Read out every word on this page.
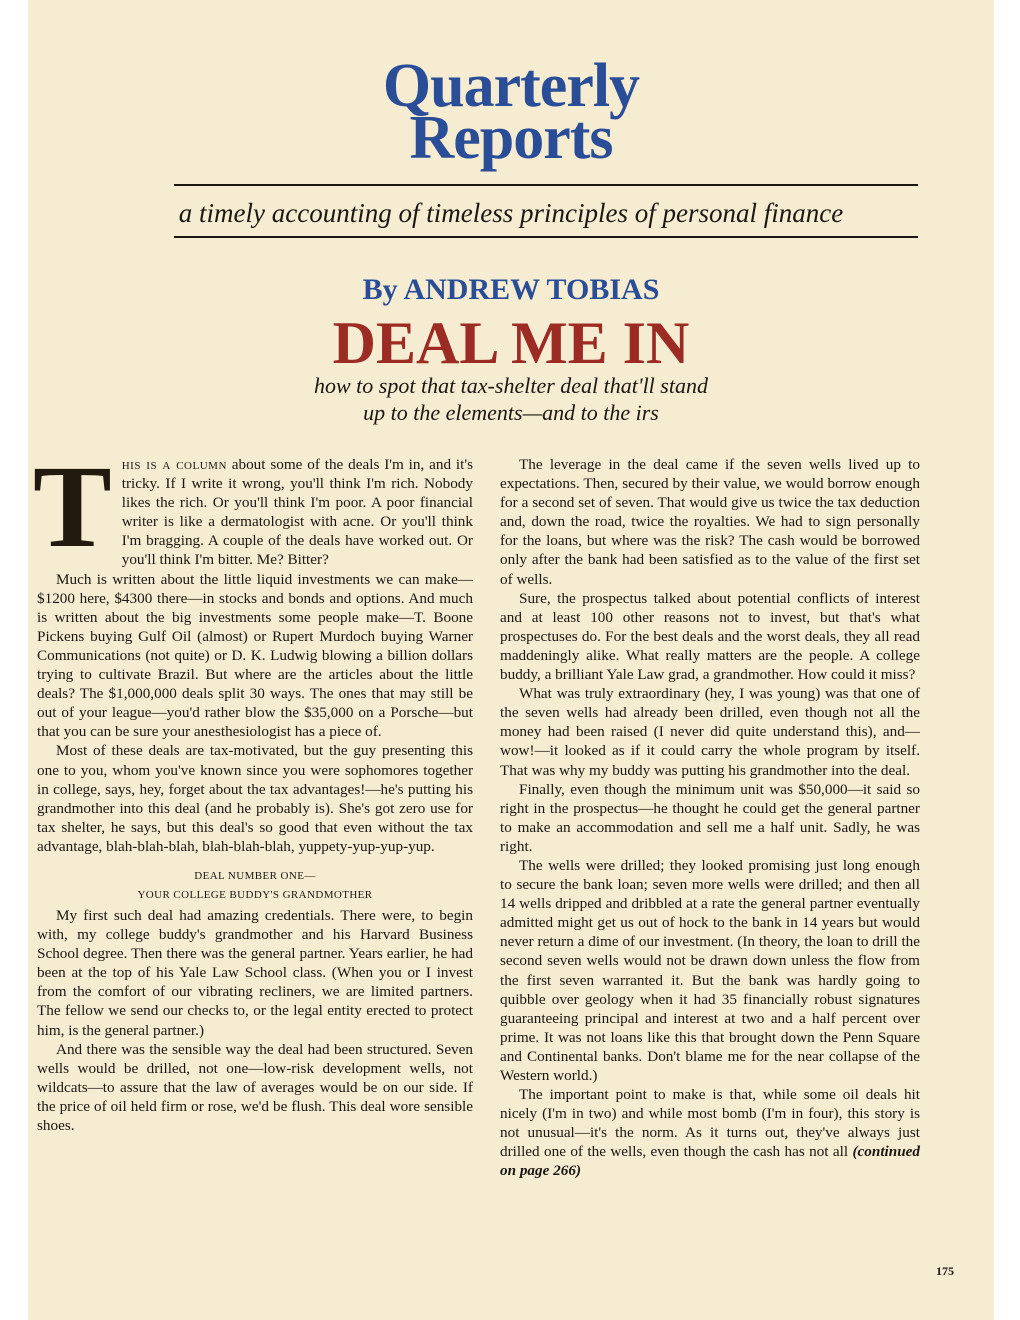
Quarterly
Reports
a timely accounting of timeless principles of personal finance
By ANDREW TOBIAS
DEAL ME IN
how to spot that tax-shelter deal that'll stand
up to the elements—and to the irs

This is a column about some of the deals I'm in, and it's tricky. If I write it wrong, you'll think I'm rich. Nobody likes the rich. Or you'll think I'm poor. A poor financial writer is like a dermatologist with acne. Or you'll think I'm bragging. A couple of the deals have worked out. Or you'll think I'm bitter. Me? Bitter?

Much is written about the little liquid investments we can make—$1200 here, $4300 there—in stocks and bonds and options. And much is written about the big investments some people make—T. Boone Pickens buying Gulf Oil (almost) or Rupert Murdoch buying Warner Communications (not quite) or D. K. Ludwig blowing a billion dollars trying to cultivate Brazil. But where are the articles about the little deals? The $1,000,000 deals split 30 ways. The ones that may still be out of your league—you'd rather blow the $35,000 on a Porsche—but that you can be sure your anesthesiologist has a piece of.

Most of these deals are tax-motivated, but the guy presenting this one to you, whom you've known since you were sophomores together in college, says, hey, forget about the tax advantages!—he's putting his grandmother into this deal (and he probably is). She's got zero use for tax shelter, he says, but this deal's so good that even without the tax advantage, blah-blah-blah, blah-blah-blah, yuppety-yup-yup-yup.

DEAL NUMBER ONE—
YOUR COLLEGE BUDDY'S GRANDMOTHER

My first such deal had amazing credentials. There were, to begin with, my college buddy's grandmother and his Harvard Business School degree. Then there was the general partner. Years earlier, he had been at the top of his Yale Law School class. (When you or I invest from the comfort of our vibrating recliners, we are limited partners. The fellow we send our checks to, or the legal entity erected to protect him, is the general partner.)

And there was the sensible way the deal had been structured. Seven wells would be drilled, not one—low-risk development wells, not wildcats—to assure that the law of averages would be on our side. If the price of oil held firm or rose, we'd be flush. This deal wore sensible shoes.

The leverage in the deal came if the seven wells lived up to expectations. Then, secured by their value, we would borrow enough for a second set of seven. That would give us twice the tax deduction and, down the road, twice the royalties. We had to sign personally for the loans, but where was the risk? The cash would be borrowed only after the bank had been satisfied as to the value of the first set of wells.

Sure, the prospectus talked about potential conflicts of interest and at least 100 other reasons not to invest, but that's what prospectuses do. For the best deals and the worst deals, they all read maddeningly alike. What really matters are the people. A college buddy, a brilliant Yale Law grad, a grandmother. How could it miss?

What was truly extraordinary (hey, I was young) was that one of the seven wells had already been drilled, even though not all the money had been raised (I never did quite understand this), and—wow!—it looked as if it could carry the whole program by itself. That was why my buddy was putting his grandmother into the deal.

Finally, even though the minimum unit was $50,000—it said so right in the prospectus—he thought he could get the general partner to make an accommodation and sell me a half unit. Sadly, he was right.

The wells were drilled; they looked promising just long enough to secure the bank loan; seven more wells were drilled; and then all 14 wells dripped and dribbled at a rate the general partner eventually admitted might get us out of hock to the bank in 14 years but would never return a dime of our investment. (In theory, the loan to drill the second seven wells would not be drawn down unless the flow from the first seven warranted it. But the bank was hardly going to quibble over geology when it had 35 financially robust signatures guaranteeing principal and interest at two and a half percent over prime. It was not loans like this that brought down the Penn Square and Continental banks. Don't blame me for the near collapse of the Western world.)

The important point to make is that, while some oil deals hit nicely (I'm in two) and while most bomb (I'm in four), this story is not unusual—it's the norm. As it turns out, they've always just drilled one of the wells, even though the cash has not all (continued on page 266)

175
